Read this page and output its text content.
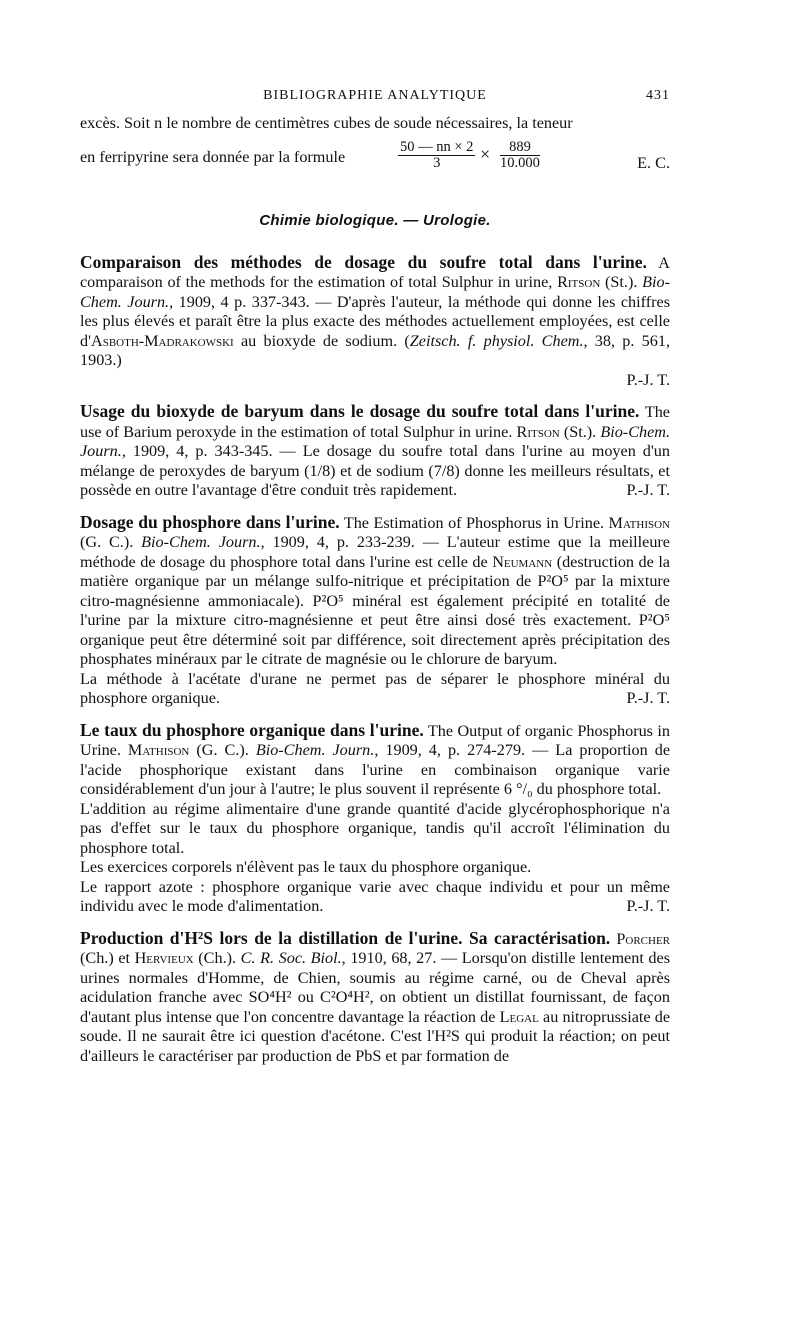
BIBLIOGRAPHIE ANALYTIQUE	431

excès. Soit n le nombre de centimètres cubes de soude nécessaires, la teneur

en ferripyrine sera donnée par la formule	$\frac{50 — nn \times 2}{3} \times \frac{889}{10.000}$	E. C.
Chimie biologique. — Urologie.

Comparaison des méthodes de dosage du soufre total dans l'urine. A comparaison of the methods for the estimation of total Sulphur in urine, Ritson (St.). Bio-Chem. Journ., 1909, 4 p. 337-343. — D'après l'auteur, la méthode qui donne les chiffres les plus élevés et paraît être la plus exacte des méthodes actuellement employées, est celle d'Asboth-Madrakowski au bioxyde de sodium. (Zeitsch. f. physiol. Chem., 38, p. 561, 1903.)

P.-J. T.

Usage du bioxyde de baryum dans le dosage du soufre total dans l'urine. The use of Barium peroxyde in the estimation of total Sulphur in urine. Ritson (St.). Bio-Chem. Journ., 1909, 4, p. 343-345. — Le dosage du soufre total dans l'urine au moyen d'un mélange de peroxydes de baryum (1/8) et de sodium (7/8) donne les meilleurs résultats, et possède en outre l'avantage d'être conduit très rapidement.	P.-J. T.

Dosage du phosphore dans l'urine. The Estimation of Phosphorus in Urine. Mathison (G. C.). Bio-Chem. Journ., 1909, 4, p. 233-239. — L'auteur estime que la meilleure méthode de dosage du phosphore total dans l'urine est celle de Neumann (destruction de la matière organique par un mélange sulfo-nitrique et précipitation de P²O⁵ par la mixture citro-magnésienne ammoniacale). P²O⁵ minéral est également précipité en totalité de l'urine par la mixture citro-magnésienne et peut être ainsi dosé très exactement. P²O⁵ organique peut être déterminé soit par différence, soit directement après précipitation des phosphates minéraux par le citrate de magnésie ou le chlorure de baryum.

La méthode à l'acétate d'urane ne permet pas de séparer le phosphore minéral du phosphore organique.	P.-J. T.

Le taux du phosphore organique dans l'urine. The Output of organic Phosphorus in Urine. Mathison (G. C.). Bio-Chem. Journ., 1909, 4, p. 274-279. — La proportion de l'acide phosphorique existant dans l'urine en combinaison organique varie considérablement d'un jour à l'autre; le plus souvent il représente 6 °/₀ du phosphore total.

L'addition au régime alimentaire d'une grande quantité d'acide glycérophosphorique n'a pas d'effet sur le taux du phosphore organique, tandis qu'il accroît l'élimination du phosphore total.

Les exercices corporels n'élèvent pas le taux du phosphore organique.

Le rapport azote : phosphore organique varie avec chaque individu et pour un même individu avec le mode d'alimentation.	P.-J. T.

Production d'H²S lors de la distillation de l'urine. Sa caractérisation. Porcher (Ch.) et Hervieux (Ch.). C. R. Soc. Biol., 1910, 68, 27. — Lorsqu'on distille lentement des urines normales d'Homme, de Chien, soumis au régime carné, ou de Cheval après acidulation franche avec SO⁴H² ou C²O⁴H², on obtient un distillat fournissant, de façon d'autant plus intense que l'on concentre davantage la réaction de Legal au nitroprussiate de soude. Il ne saurait être ici question d'acétone. C'est l'H²S qui produit la réaction; on peut d'ailleurs le caractériser par production de PbS et par formation de
